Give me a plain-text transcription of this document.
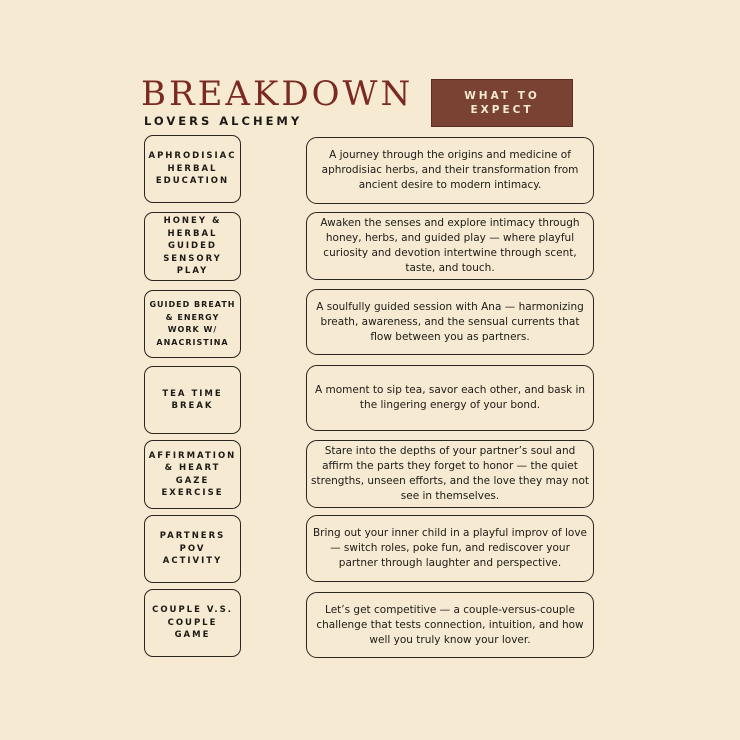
BREAKDOWN
LOVERS ALCHEMY
WHAT TO EXPECT
APHRODISIAC HERBAL EDUCATION
A journey through the origins and medicine of aphrodisiac herbs, and their transformation from ancient desire to modern intimacy.
HONEY & HERBAL GUIDED SENSORY PLAY
Awaken the senses and explore intimacy through honey, herbs, and guided play — where playful curiosity and devotion intertwine through scent, taste, and touch.
GUIDED BREATH & ENERGY WORK W/ ANACRISTINA
A soulfully guided session with Ana — harmonizing breath, awareness, and the sensual currents that flow between you as partners.
TEA TIME BREAK
A moment to sip tea, savor each other, and bask in the lingering energy of your bond.
AFFIRMATION & HEART GAZE EXERCISE
Stare into the depths of your partner’s soul and affirm the parts they forget to honor — the quiet strengths, unseen efforts, and the love they may not see in themselves.
PARTNERS POV ACTIVITY
Bring out your inner child in a playful improv of love — switch roles, poke fun, and rediscover your partner through laughter and perspective.
COUPLE V.S. COUPLE GAME
Let’s get competitive — a couple-versus-couple challenge that tests connection, intuition, and how well you truly know your lover.
